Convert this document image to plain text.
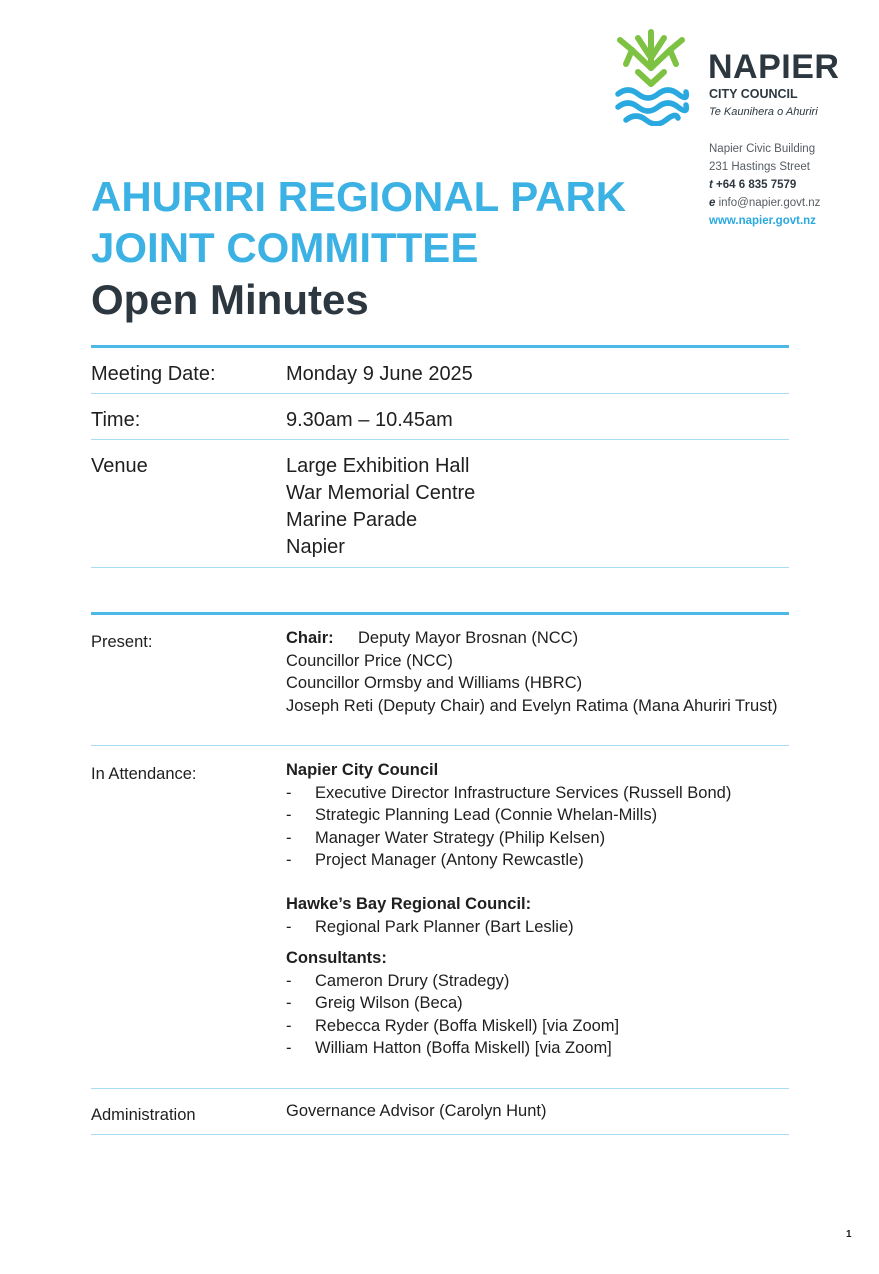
NAPIER
CITY COUNCIL
Te Kaunihera o Ahuriri
Napier Civic Building
231 Hastings Street
t +64 6 835 7579
e info@napier.govt.nz
www.napier.govt.nz
AHURIRI REGIONAL PARK
JOINT COMMITTEE
Open Minutes
Meeting Date:	Monday 9 June 2025
Time:	9.30am – 10.45am
Venue	Large Exhibition Hall
War Memorial Centre
Marine Parade
Napier
Present:	Chair: Deputy Mayor Brosnan (NCC)
Councillor Price (NCC)
Councillor Ormsby and Williams (HBRC)
Joseph Reti (Deputy Chair) and Evelyn Ratima (Mana Ahuriri Trust)
In Attendance:	Napier City Council
- Executive Director Infrastructure Services (Russell Bond)
- Strategic Planning Lead (Connie Whelan-Mills)
- Manager Water Strategy (Philip Kelsen)
- Project Manager (Antony Rewcastle)
Hawke’s Bay Regional Council:
- Regional Park Planner (Bart Leslie)
Consultants:
- Cameron Drury (Stradegy)
- Greig Wilson (Beca)
- Rebecca Ryder (Boffa Miskell) [via Zoom]
- William Hatton (Boffa Miskell) [via Zoom]
Administration	Governance Advisor (Carolyn Hunt)
1
